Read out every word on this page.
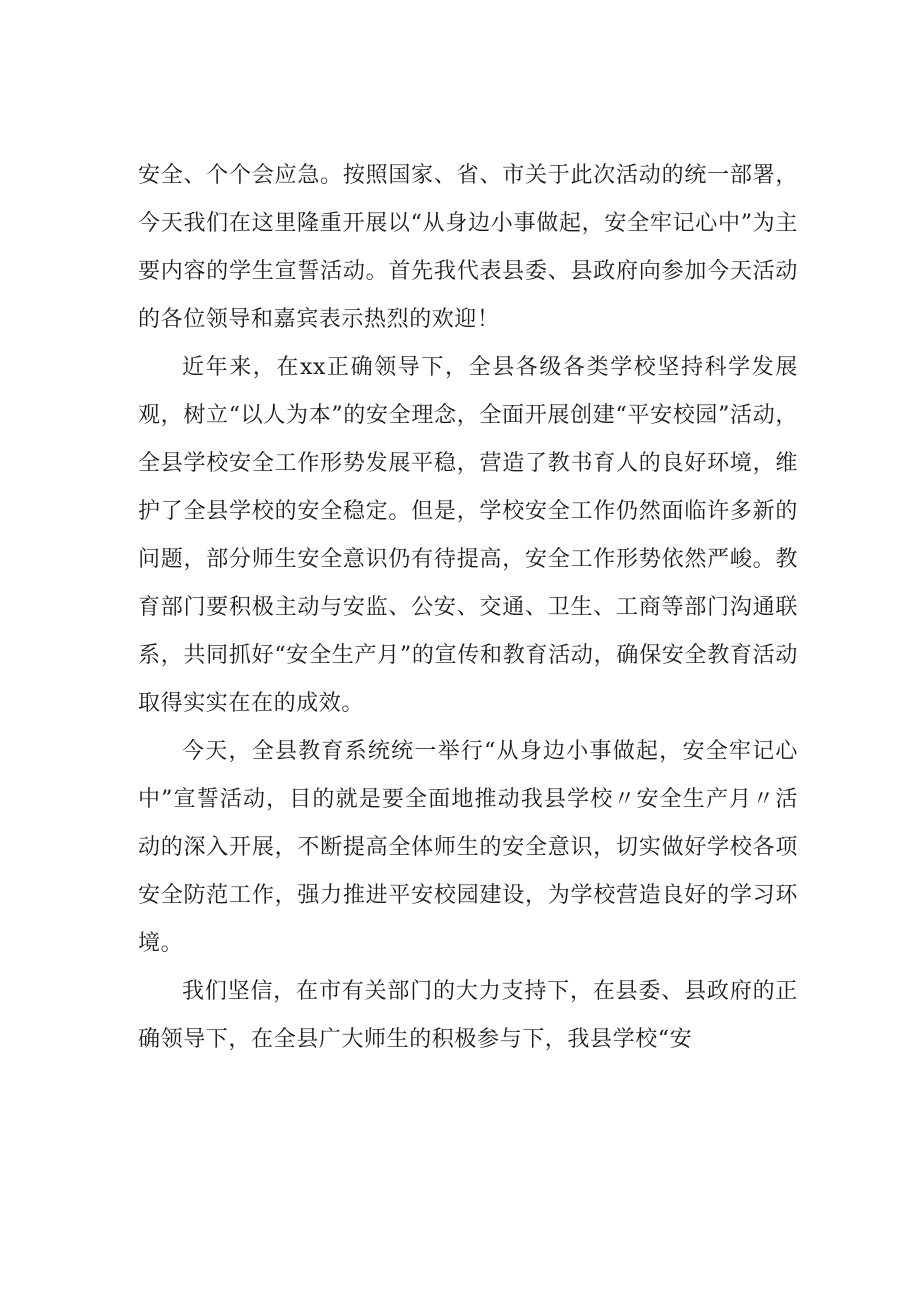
安全、个个会应急。按照国家、省、市关于此次活动的统一部署，今天我们在这里隆重开展以“从身边小事做起，安全牢记心中”为主要内容的学生宣誓活动。首先我代表县委、县政府向参加今天活动的各位领导和嘉宾表示热烈的欢迎！

近年来，在xx正确领导下，全县各级各类学校坚持科学发展观，树立“以人为本”的安全理念，全面开展创建“平安校园”活动，全县学校安全工作形势发展平稳，营造了教书育人的良好环境，维护了全县学校的安全稳定。但是，学校安全工作仍然面临许多新的问题，部分师生安全意识仍有待提高，安全工作形势依然严峻。教育部门要积极主动与安监、公安、交通、卫生、工商等部门沟通联系，共同抓好“安全生产月”的宣传和教育活动，确保安全教育活动取得实实在在的成效。

今天，全县教育系统统一举行“从身边小事做起，安全牢记心中”宣誓活动，目的就是要全面地推动我县学校〃安全生产月〃活动的深入开展，不断提高全体师生的安全意识，切实做好学校各项安全防范工作，强力推进平安校园建设，为学校营造良好的学习环境。

我们坚信，在市有关部门的大力支持下，在县委、县政府的正确领导下，在全县广大师生的积极参与下，我县学校“安
